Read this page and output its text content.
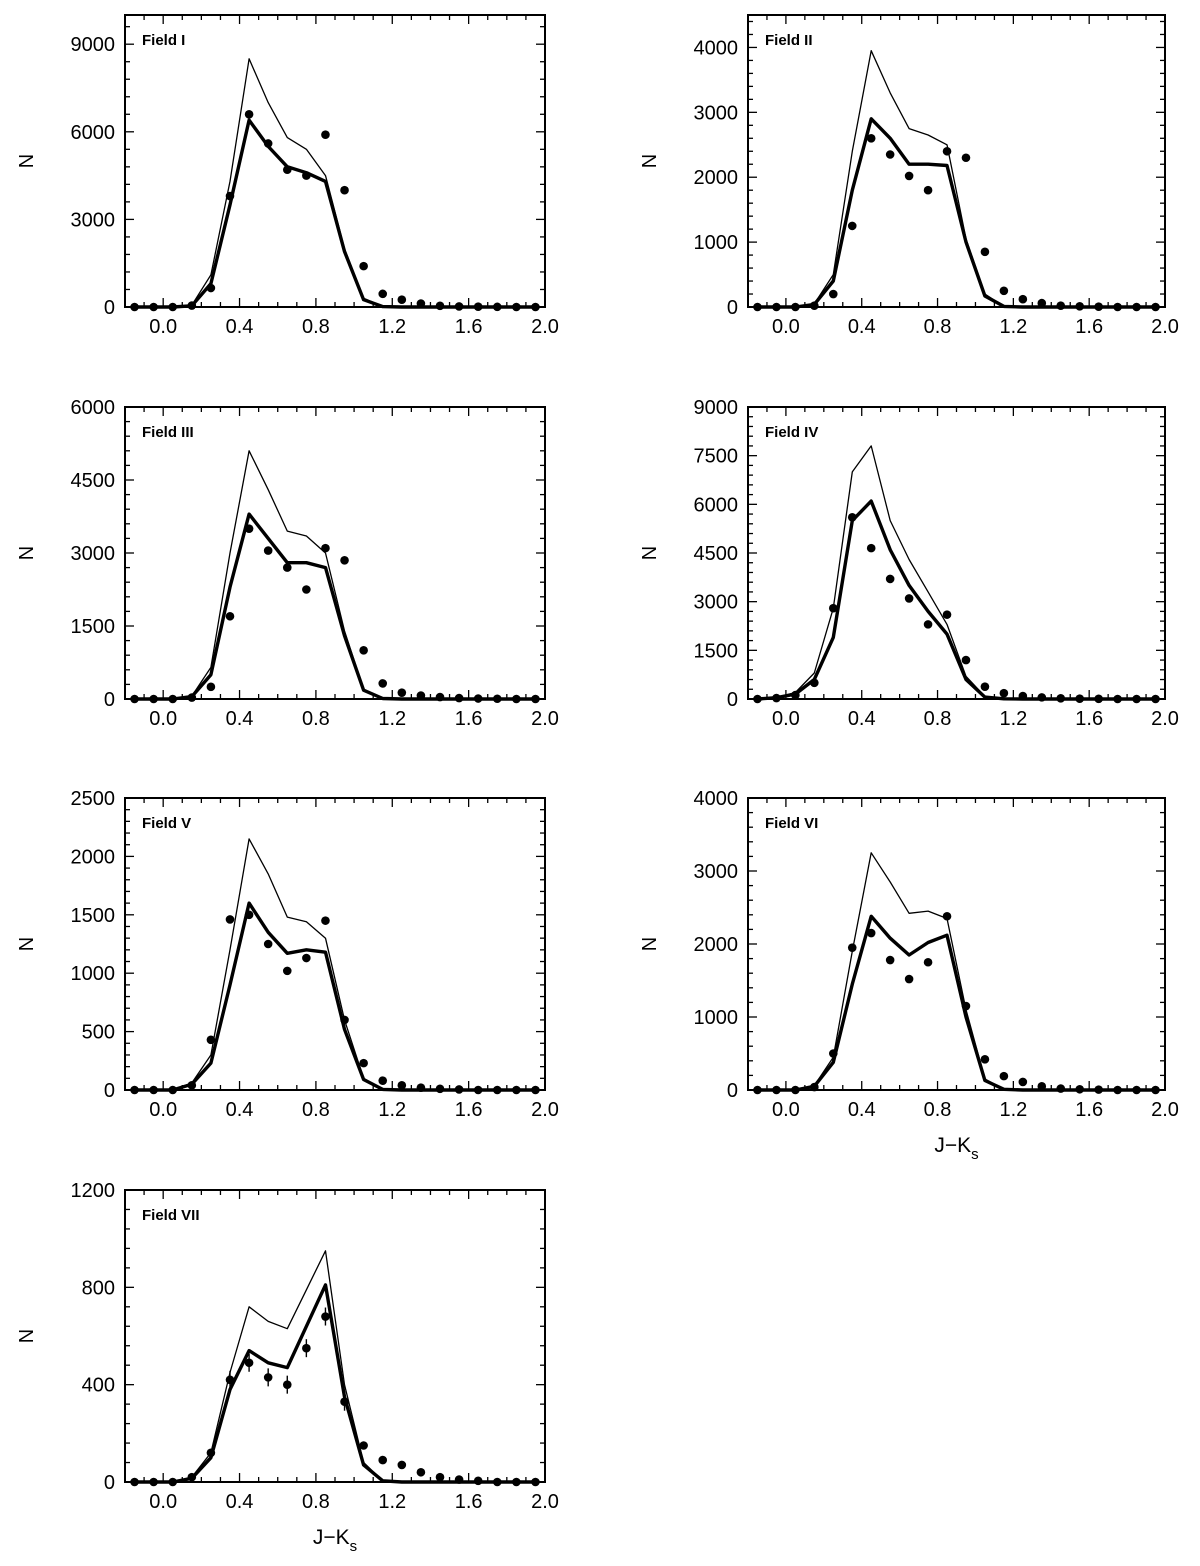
0.0 0.4 0.8 1.2 1.6 2.0
0
3000
6000
9000
N
Field I
0.0 0.4 0.8 1.2 1.6 2.0
0
1000
2000
3000
4000
N
Field II
0.0 0.4 0.8 1.2 1.6 2.0
0
1500
3000
4500
6000
N
Field III
0.0 0.4 0.8 1.2 1.6 2.0
0
1500
3000
4500
6000
7500
9000
N
Field IV
0.0 0.4 0.8 1.2 1.6 2.0
0
500
1000
1500
2000
2500
N
Field V
0.0 0.4 0.8 1.2 1.6 2.0
0
1000
2000
3000
4000
N
$J-K_s$
Field VI
0.0 0.4 0.8 1.2 1.6 2.0
0
400
800
1200
N
$J-K_s$
Field VII
